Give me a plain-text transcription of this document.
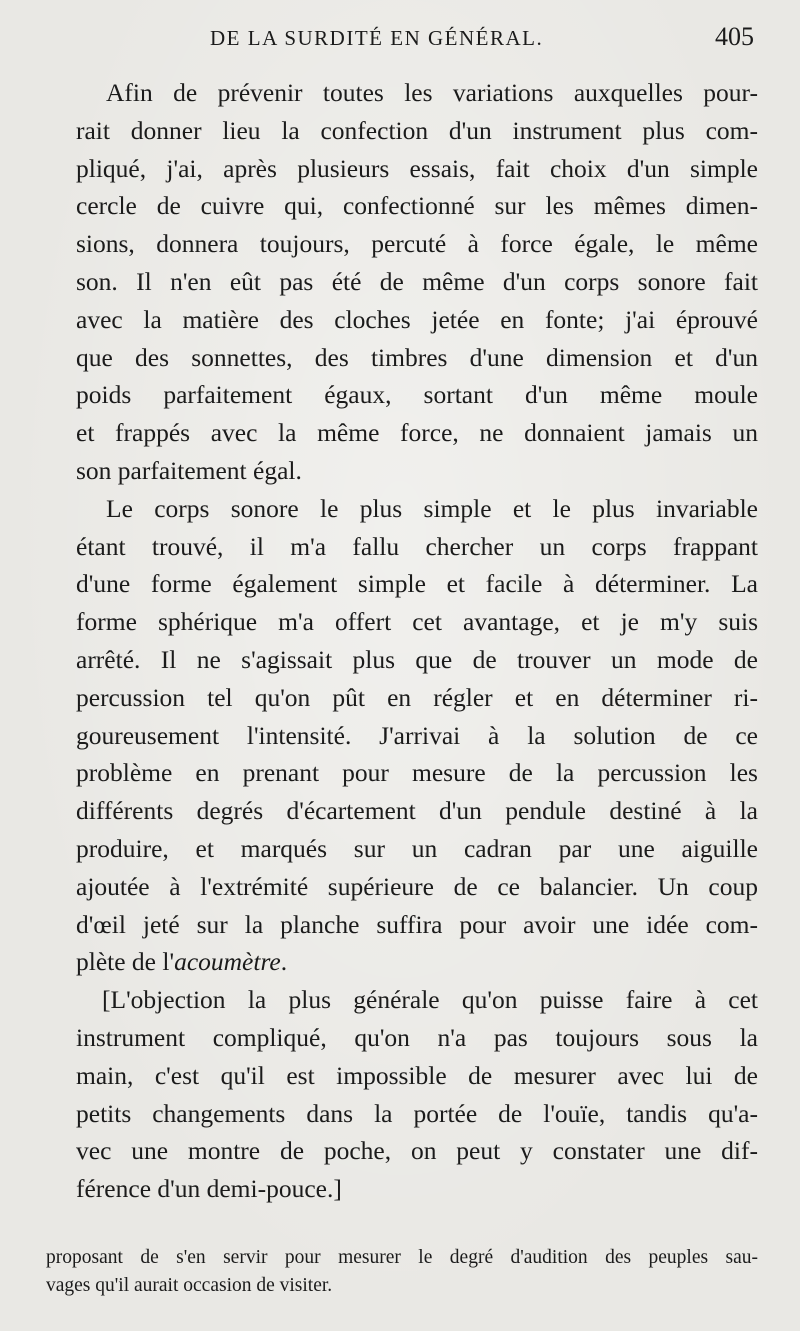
DE LA SURDITÉ EN GÉNÉRAL.	405
Afin de prévenir toutes les variations auxquelles pour-
rait donner lieu la confection d'un instrument plus com-
pliqué, j'ai, après plusieurs essais, fait choix d'un simple
cercle de cuivre qui, confectionné sur les mêmes dimen-
sions, donnera toujours, percuté à force égale, le même
son. Il n'en eût pas été de même d'un corps sonore fait
avec la matière des cloches jetée en fonte; j'ai éprouvé
que des sonnettes, des timbres d'une dimension et d'un
poids parfaitement égaux, sortant d'un même moule
et frappés avec la même force, ne donnaient jamais un
son parfaitement égal.
Le corps sonore le plus simple et le plus invariable
étant trouvé, il m'a fallu chercher un corps frappant
d'une forme également simple et facile à déterminer. La
forme sphérique m'a offert cet avantage, et je m'y suis
arrêté. Il ne s'agissait plus que de trouver un mode de
percussion tel qu'on pût en régler et en déterminer ri-
goureusement l'intensité. J'arrivai à la solution de ce
problème en prenant pour mesure de la percussion les
différents degrés d'écartement d'un pendule destiné à la
produire, et marqués sur un cadran par une aiguille
ajoutée à l'extrémité supérieure de ce balancier. Un coup
d'œil jeté sur la planche suffira pour avoir une idée com-
plète de l'acoumètre.
[L'objection la plus générale qu'on puisse faire à cet
instrument compliqué, qu'on n'a pas toujours sous la
main, c'est qu'il est impossible de mesurer avec lui de
petits changements dans la portée de l'ouïe, tandis qu'a-
vec une montre de poche, on peut y constater une dif-
férence d'un demi-pouce.]
proposant de s'en servir pour mesurer le degré d'audition des peuples sau-
vages qu'il aurait occasion de visiter.
